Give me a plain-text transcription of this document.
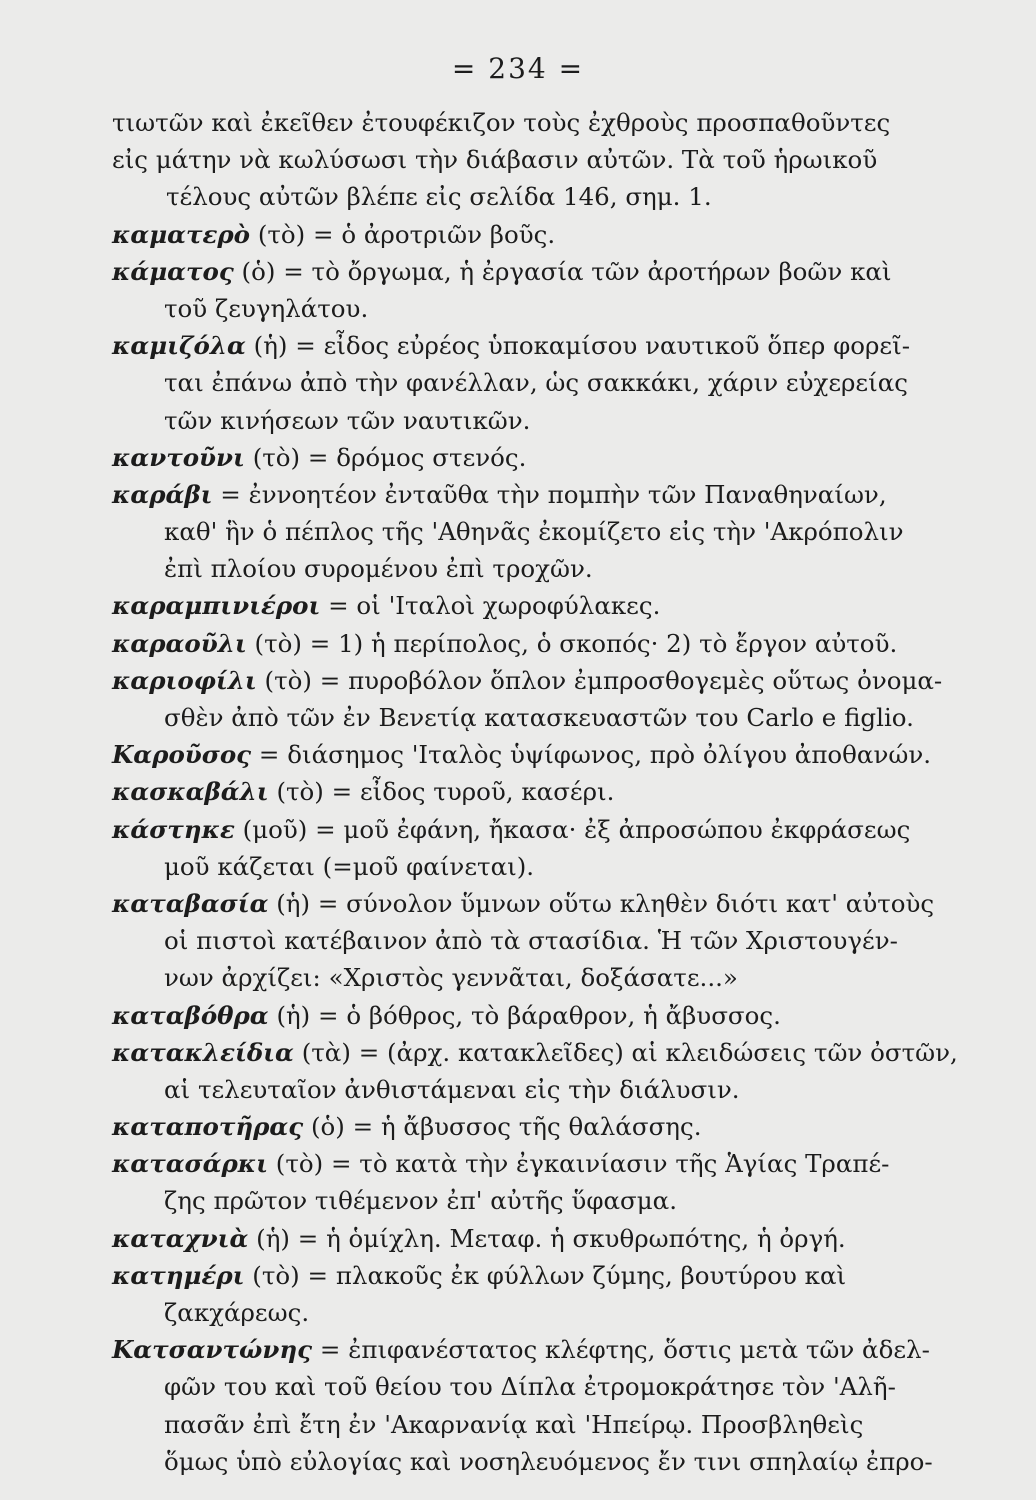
= 234 =
τιωτῶν καὶ ἐκεῖθεν ἐτουφέκιζον τοὺς ἐχθροὺς προσπαθοῦντες
εἰς μάτην νὰ κωλύσωσι τὴν διάβασιν αὐτῶν. Τὰ τοῦ ἡρωικοῦ
τέλους αὐτῶν βλέπε εἰς σελίδα 146, σημ. 1.
καματερὸ (τὸ) = ὁ ἀροτριῶν βοῦς.
κάματος (ὁ) = τὸ ὄργωμα, ἡ ἐργασία τῶν ἀροτήρων βοῶν καὶ
τοῦ ζευγηλάτου.
καμιζόλα (ἡ) = εἶδος εὐρέος ὑποκαμίσου ναυτικοῦ ὅπερ φορεῖ-
ται ἐπάνω ἀπὸ τὴν φανέλλαν, ὡς σακκάκι, χάριν εὐχερείας
τῶν κινήσεων τῶν ναυτικῶν.
καντοῦνι (τὸ) = δρόμος στενός.
καράβι = ἐννοητέον ἐνταῦθα τὴν πομπὴν τῶν Παναθηναίων,
καθ' ἣν ὁ πέπλος τῆς 'Αθηνᾶς ἐκομίζετο εἰς τὴν 'Ακρόπολιν
ἐπὶ πλοίου συρομένου ἐπὶ τροχῶν.
καραμπινιέροι = οἱ 'Ιταλοὶ χωροφύλακες.
καραοῦλι (τὸ) = 1) ἡ περίπολος, ὁ σκοπός· 2) τὸ ἔργον αὐτοῦ.
καριοφίλι (τὸ) = πυροβόλον ὅπλον ἐμπροσθογεμὲς οὕτως ὀνομα-
σθὲν ἀπὸ τῶν ἐν Βενετίᾳ κατασκευαστῶν του Carlo e figlio.
Καροῦσος = διάσημος 'Ιταλὸς ὑψίφωνος, πρὸ ὀλίγου ἀποθανών.
κασκαβάλι (τὸ) = εἶδος τυροῦ, κασέρι.
κάστηκε (μοῦ) = μοῦ ἐφάνη, ἤκασα· ἐξ ἀπροσώπου ἐκφράσεως
μοῦ κάζεται (=μοῦ φαίνεται).
καταβασία (ἡ) = σύνολον ὕμνων οὕτω κληθὲν διότι κατ' αὐτοὺς
οἱ πιστοὶ κατέβαινον ἀπὸ τὰ στασίδια. Ἡ τῶν Χριστουγέν-
νων ἀρχίζει: «Χριστὸς γεννᾶται, δοξάσατε...»
καταβόθρα (ἡ) = ὁ βόθρος, τὸ βάραθρον, ἡ ἄβυσσος.
κατακλείδια (τὰ) = (ἀρχ. κατακλεῖδες) αἱ κλειδώσεις τῶν ὀστῶν,
αἱ τελευταῖον ἀνθιστάμεναι εἰς τὴν διάλυσιν.
καταποτῆρας (ὁ) = ἡ ἄβυσσος τῆς θαλάσσης.
κατασάρκι (τὸ) = τὸ κατὰ τὴν ἐγκαινίασιν τῆς Ἁγίας Τραπέ-
ζης πρῶτον τιθέμενον ἐπ' αὐτῆς ὕφασμα.
καταχνιὰ (ἡ) = ἡ ὁμίχλη. Μεταφ. ἡ σκυθρωπότης, ἡ ὀργή.
κατημέρι (τὸ) = πλακοῦς ἐκ φύλλων ζύμης, βουτύρου καὶ
ζακχάρεως.
Κατσαντώνης = ἐπιφανέστατος κλέφτης, ὅστις μετὰ τῶν ἀδελ-
φῶν του καὶ τοῦ θείου του Δίπλα ἐτρομοκράτησε τὸν 'Αλῆ-
πασᾶν ἐπὶ ἔτη ἐν 'Ακαρνανίᾳ καὶ 'Ηπείρῳ. Προσβληθεὶς
ὅμως ὑπὸ εὐλογίας καὶ νοσηλευόμενος ἔν τινι σπηλαίῳ ἐπρο-
